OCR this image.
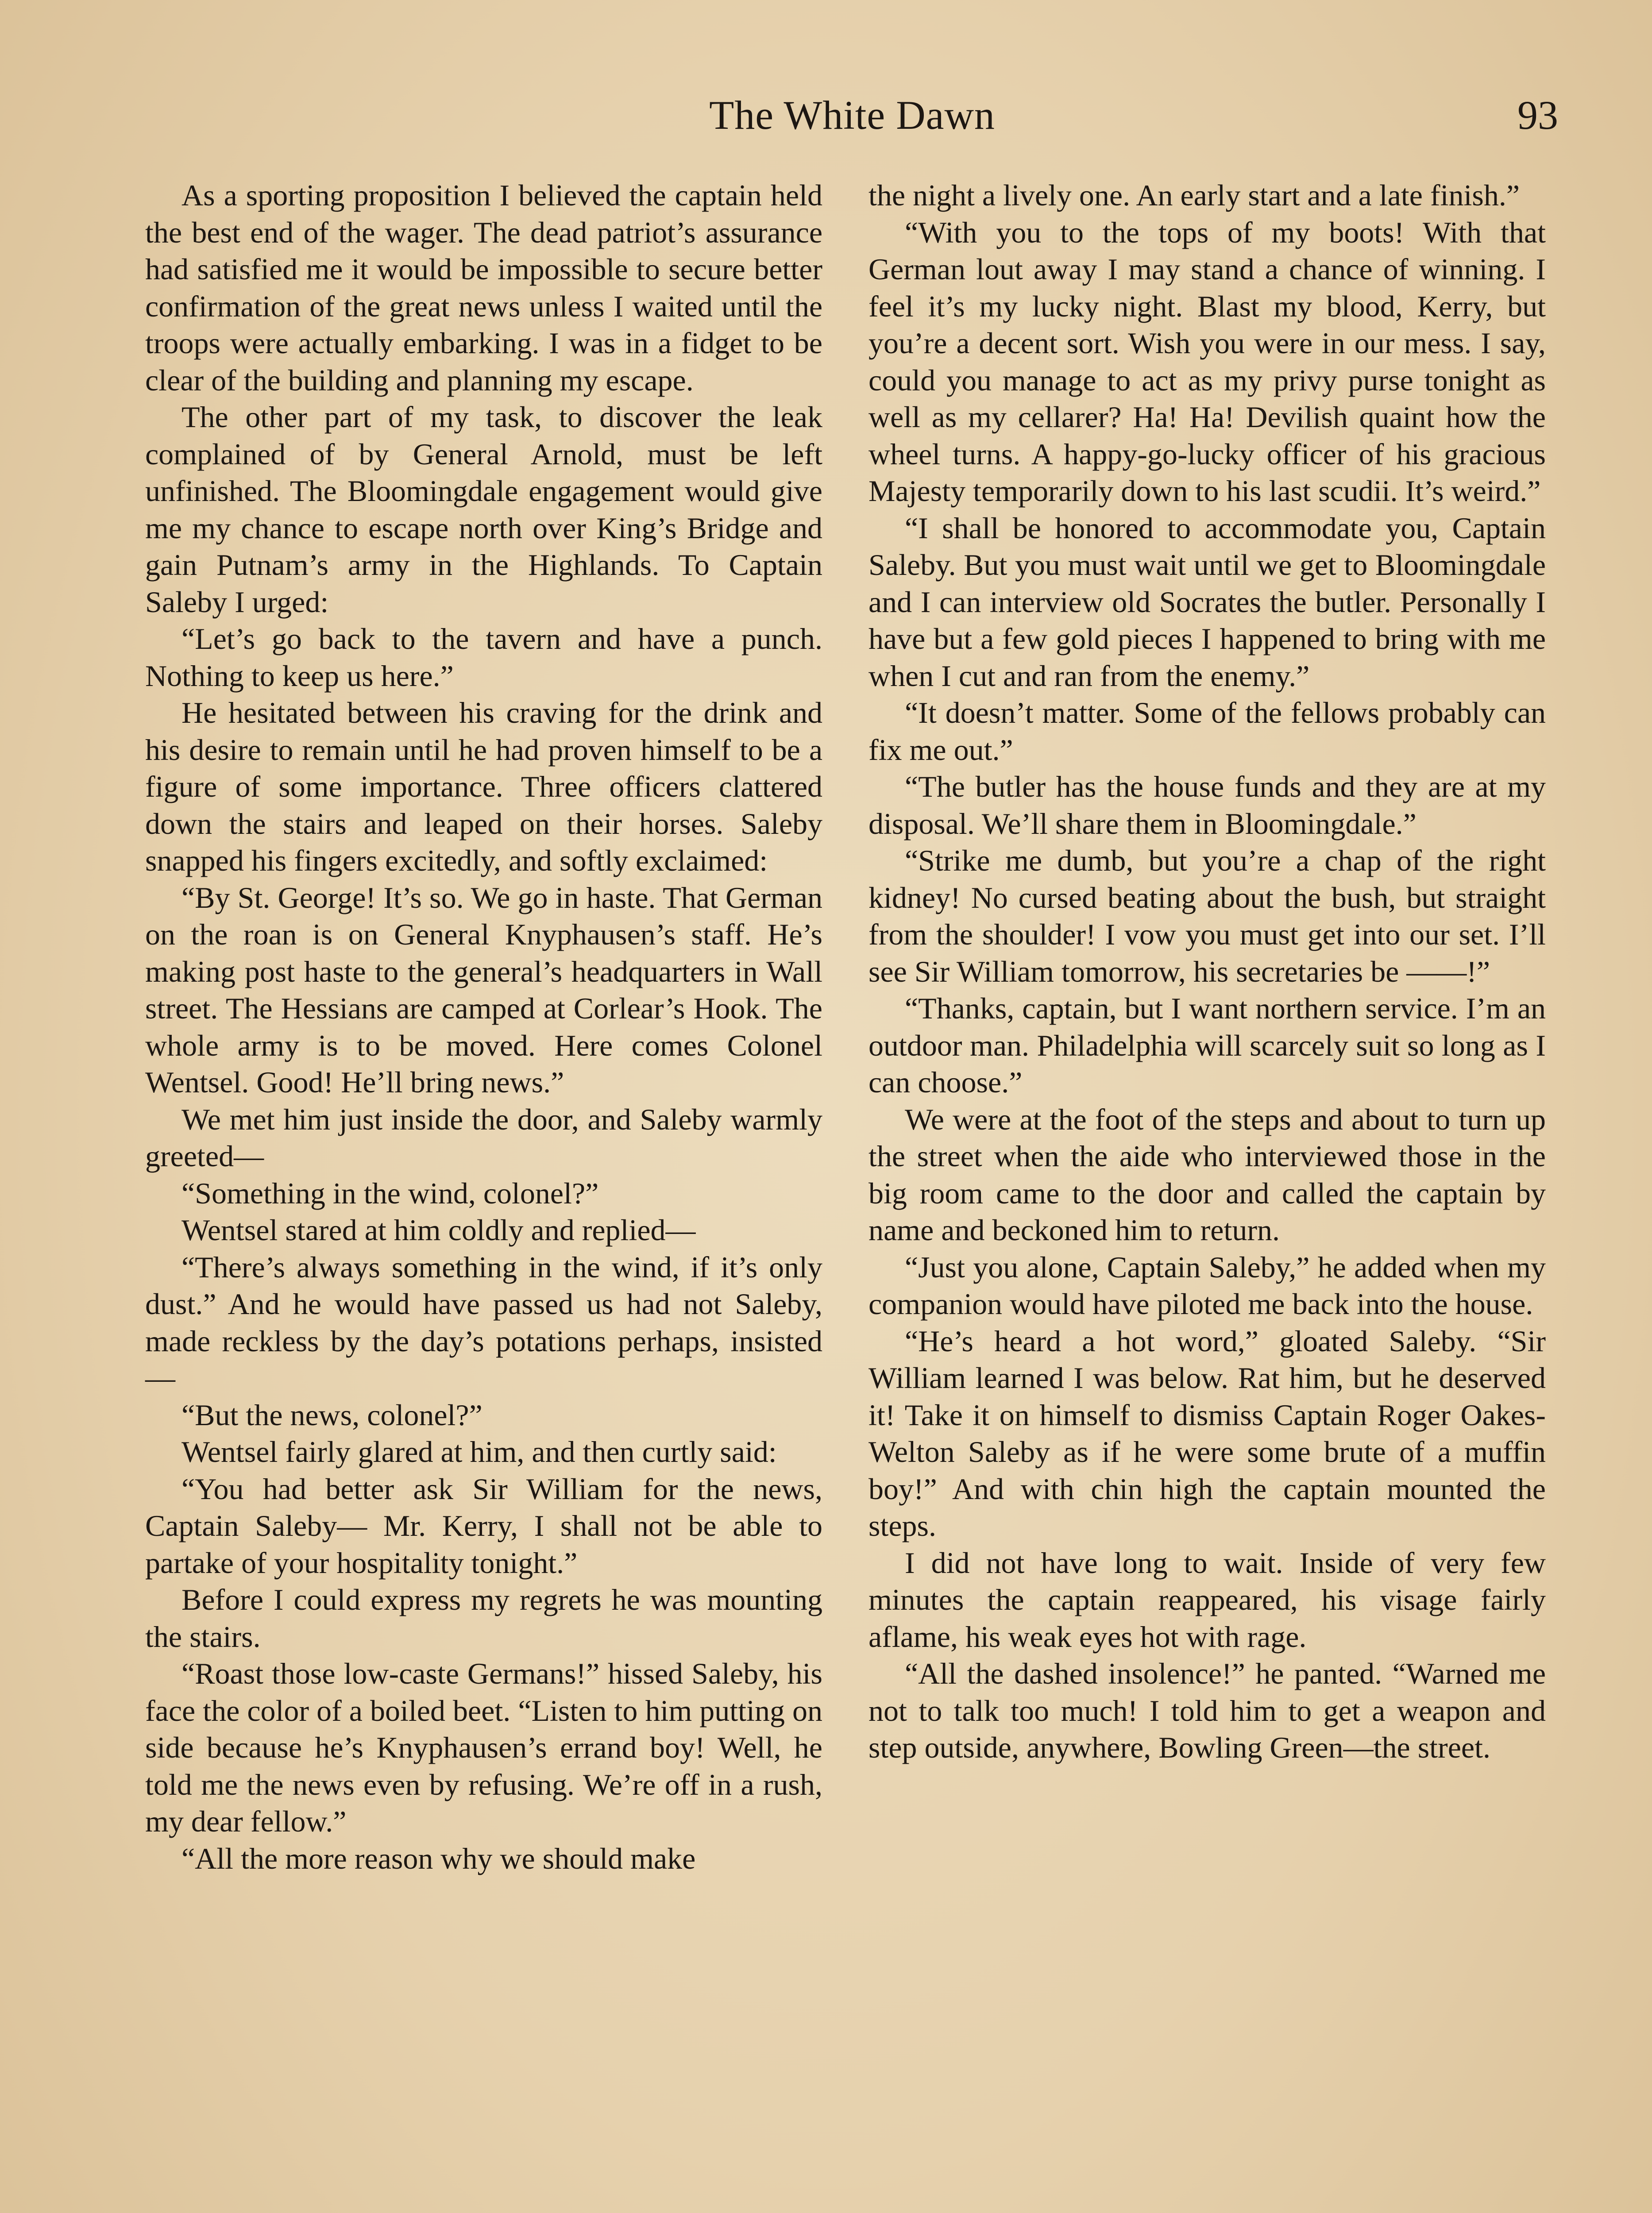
The White Dawn	93

As a sporting proposition I believed the captain held the best end of the wager. The dead patriot’s assurance had satisfied me it would be impossible to secure better confirmation of the great news unless I waited until the troops were actually embarking. I was in a fidget to be clear of the building and planning my escape.

The other part of my task, to discover the leak complained of by General Arnold, must be left unfinished. The Bloomingdale engagement would give me my chance to escape north over King’s Bridge and gain Putnam’s army in the Highlands. To Captain Saleby I urged:

“Let’s go back to the tavern and have a punch. Nothing to keep us here.”

He hesitated between his craving for the drink and his desire to remain until he had proven himself to be a figure of some importance. Three officers clattered down the stairs and leaped on their horses. Saleby snapped his fingers excitedly, and softly exclaimed:

“By St. George! It’s so. We go in haste. That German on the roan is on General Knyphausen’s staff. He’s making post haste to the general’s headquarters in Wall street. The Hessians are camped at Corlear’s Hook. The whole army is to be moved. Here comes Colonel Wentsel. Good! He’ll bring news.”

We met him just inside the door, and Saleby warmly greeted—

“Something in the wind, colonel?”

Wentsel stared at him coldly and replied—

“There’s always something in the wind, if it’s only dust.” And he would have passed us had not Saleby, made reckless by the day’s potations perhaps, insisted—

“But the news, colonel?”

Wentsel fairly glared at him, and then curtly said:

“You had better ask Sir William for the news, Captain Saleby— Mr. Kerry, I shall not be able to partake of your hospitality tonight.”

Before I could express my regrets he was mounting the stairs.

“Roast those low-caste Germans!” hissed Saleby, his face the color of a boiled beet. “Listen to him putting on side because he’s Knyphausen’s errand boy! Well, he told me the news even by refusing. We’re off in a rush, my dear fellow.”

“All the more reason why we should make

the night a lively one. An early start and a late finish.”

“With you to the tops of my boots! With that German lout away I may stand a chance of winning. I feel it’s my lucky night. Blast my blood, Kerry, but you’re a decent sort. Wish you were in our mess. I say, could you manage to act as my privy purse tonight as well as my cellarer? Ha! Ha! Devilish quaint how the wheel turns. A happy-go-lucky officer of his gracious Majesty temporarily down to his last scudii. It’s weird.”

“I shall be honored to accommodate you, Captain Saleby. But you must wait until we get to Bloomingdale and I can interview old Socrates the butler. Personally I have but a few gold pieces I happened to bring with me when I cut and ran from the enemy.”

“It doesn’t matter. Some of the fellows probably can fix me out.”

“The butler has the house funds and they are at my disposal. We’ll share them in Bloomingdale.”

“Strike me dumb, but you’re a chap of the right kidney! No cursed beating about the bush, but straight from the shoulder! I vow you must get into our set. I’ll see Sir William tomorrow, his secretaries be ——!”

“Thanks, captain, but I want northern service. I’m an outdoor man. Philadelphia will scarcely suit so long as I can choose.”

We were at the foot of the steps and about to turn up the street when the aide who interviewed those in the big room came to the door and called the captain by name and beckoned him to return.

“Just you alone, Captain Saleby,” he added when my companion would have piloted me back into the house.

“He’s heard a hot word,” gloated Saleby. “Sir William learned I was below. Rat him, but he deserved it! Take it on himself to dismiss Captain Roger Oakes-Welton Saleby as if he were some brute of a muffin boy!” And with chin high the captain mounted the steps.

I did not have long to wait. Inside of very few minutes the captain reappeared, his visage fairly aflame, his weak eyes hot with rage.

“All the dashed insolence!” he panted. “Warned me not to talk too much! I told him to get a weapon and step outside, anywhere, Bowling Green—the street.
